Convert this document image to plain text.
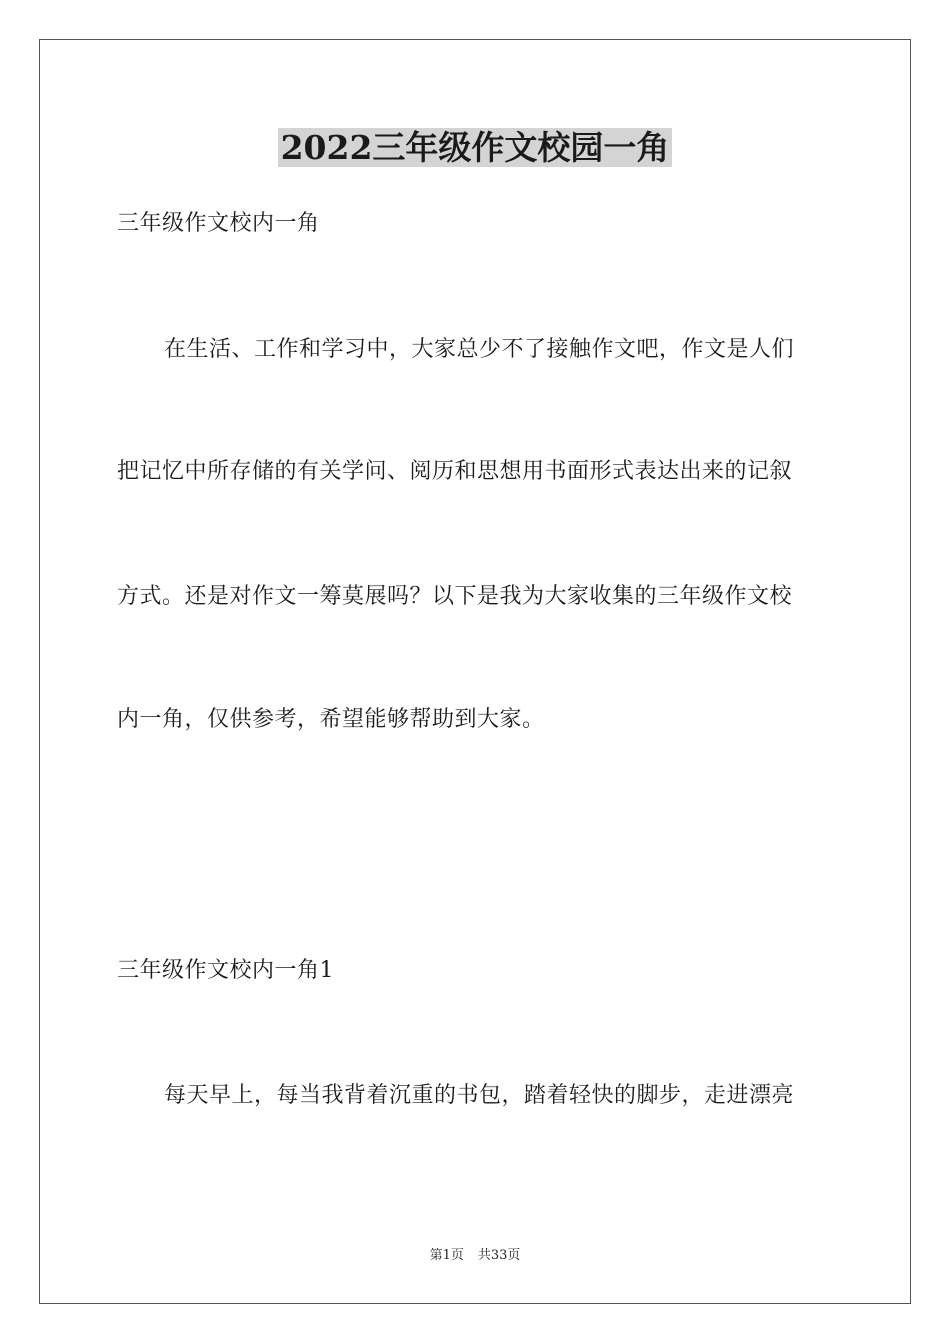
2022三年级作文校园一角
三年级作文校内一角
在生活、工作和学习中，大家总少不了接触作文吧，作文是人们
把记忆中所存储的有关学问、阅历和思想用书面形式表达出来的记叙
方式。还是对作文一筹莫展吗？以下是我为大家收集的三年级作文校
内一角，仅供参考，希望能够帮助到大家。
三年级作文校内一角1
每天早上，每当我背着沉重的书包，踏着轻快的脚步，走进漂亮
第1页 共33页
